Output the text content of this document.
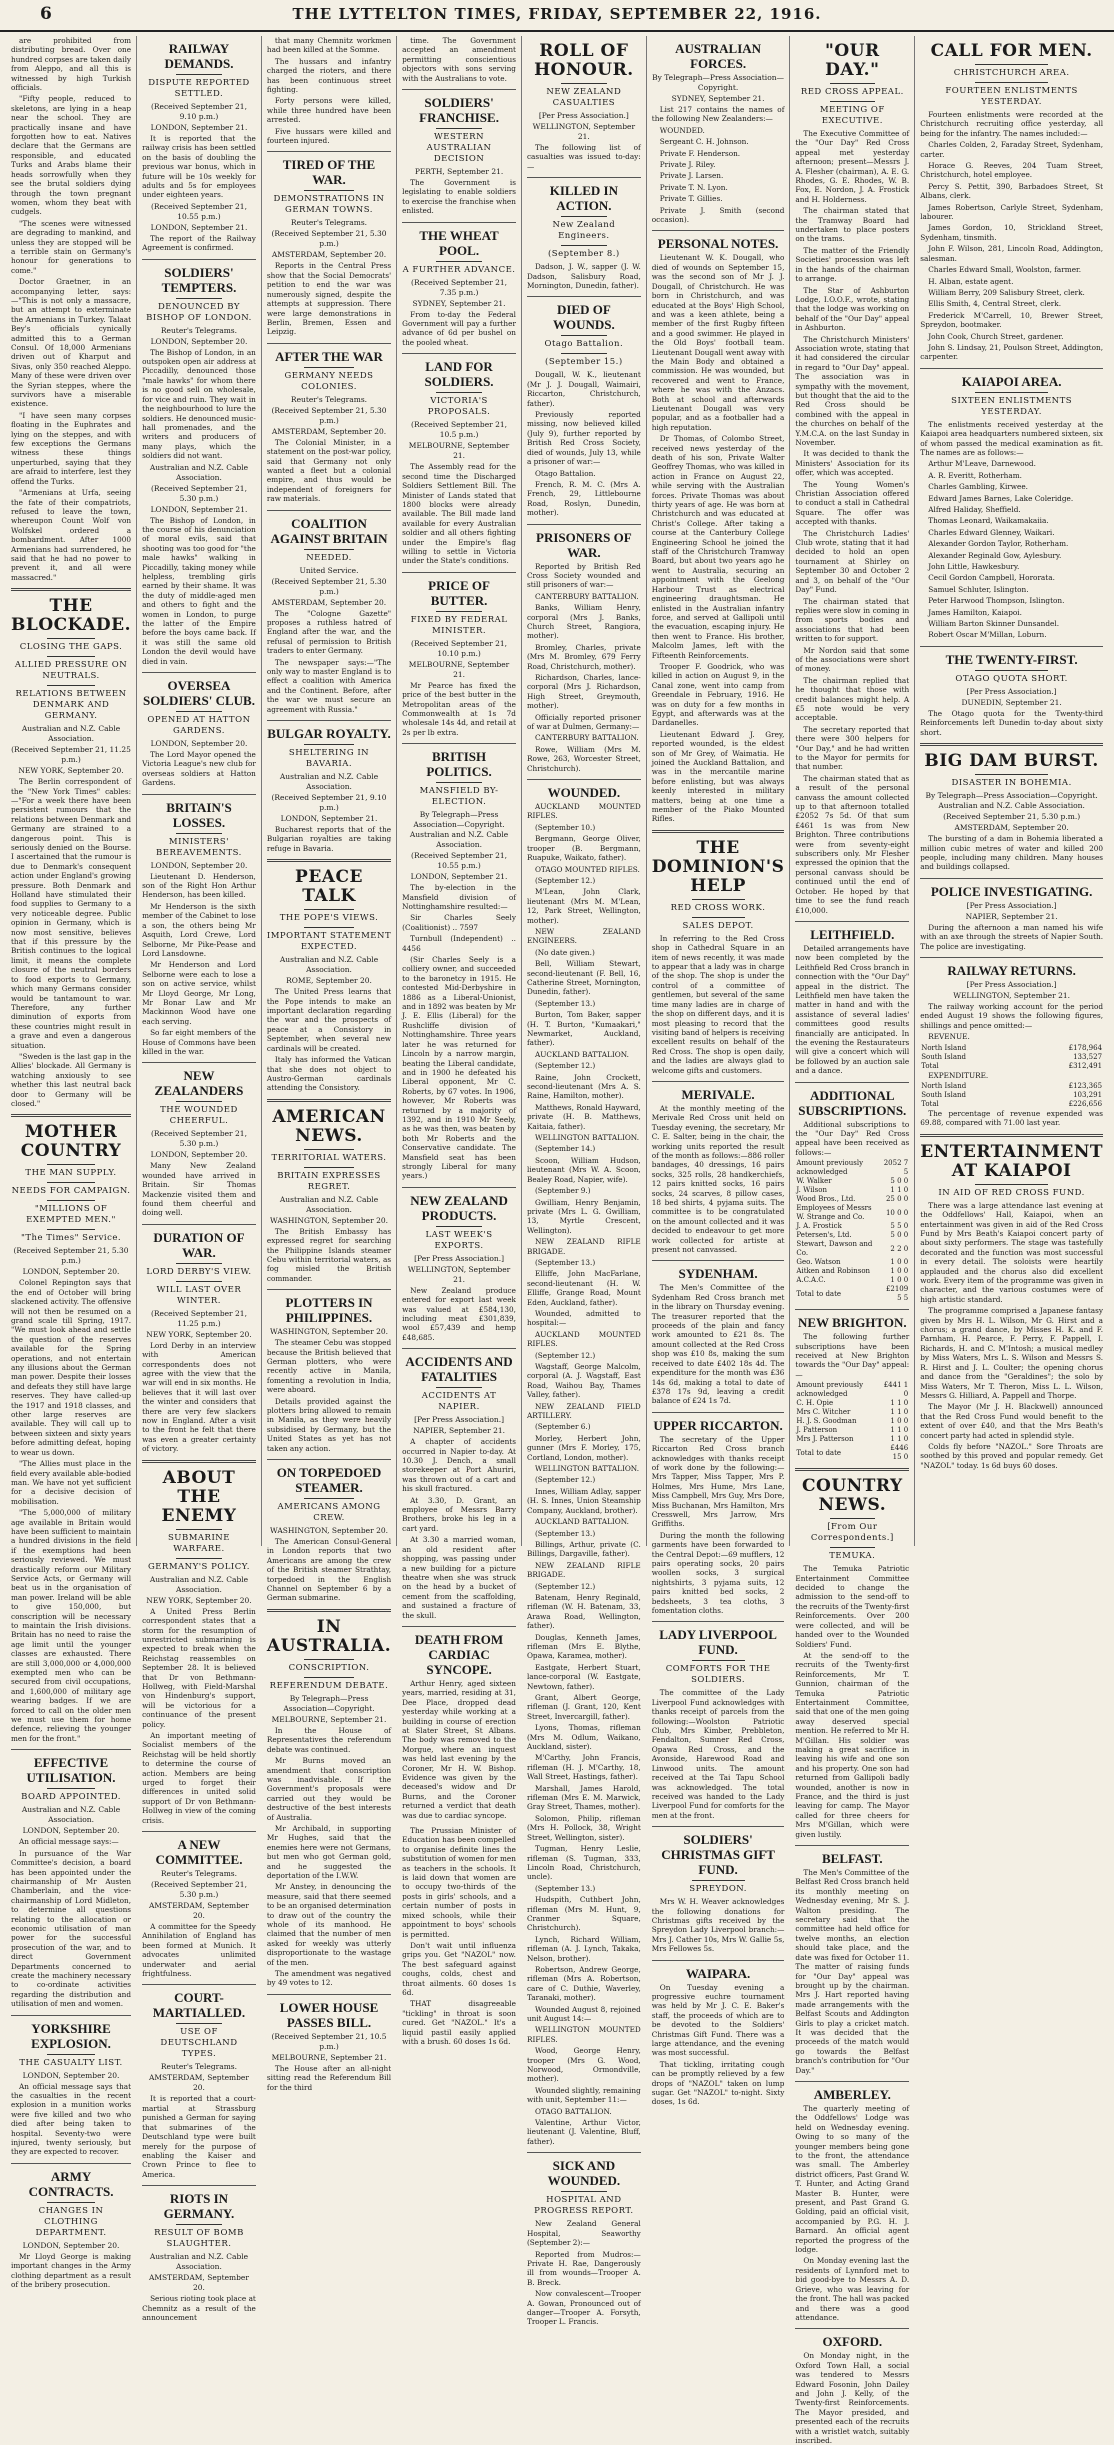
6	THE LYTTELTON TIMES, FRIDAY, SEPTEMBER 22, 1916.

are prohibited from distributing bread. Over one hundred corpses are taken daily from Aleppo, and all this is witnessed by high Turkish officials.

"Fifty people, reduced to skeletons, are lying in a heap near the school. They are practically insane and have forgotten how to eat. Natives declare that the Germans are responsible, and educated Turks and Arabs blame their heads sorrowfully when they see the brutal soldiers dying through the town pregnant women, whom they beat with cudgels.

"The scenes were witnessed are degrading to mankind, and unless they are stopped will be a terrible stain on Germany's honour for generations to come."

Doctor Graetner, in an accompanying letter, says:—"This is not only a massacre, but an attempt to exterminate the Armenians in Turkey. Talaat Bey's officials cynically admitted this to a German Consul. Of 18,000 Armenians driven out of Kharput and Sivas, only 350 reached Aleppo. Many of these were driven over the Syrian steppes, where the survivors have a miserable existence.

"I have seen many corpses floating in the Euphrates and lying on the steppes, and with few exceptions the Germans witness these things unperturbed, saying that they are afraid to interfere, lest they offend the Turks.

"Armenians at Urfa, seeing the fate of their compatriots, refused to leave the town, whereupon Count Wolf von Wolfskel ordered a bombardment. After 1000 Armenians had surrendered, he said that he had no power to prevent it, and all were massacred."

THE BLOCKADE.
CLOSING THE GAPS.
ALLIED PRESSURE ON NEUTRALS.
RELATIONS BETWEEN DENMARK AND GERMANY.
Australian and N.Z. Cable Association.
(Received September 21, 11.25 p.m.)
NEW YORK, September 20.

The Berlin correspondent of the "New York Times" cables:—"For a week there have been persistent rumours that the relations between Denmark and Germany are strained to a dangerous point. This is seriously denied on the Bourse. I ascertained that the rumour is due to Denmark's consequent action under England's growing pressure. Both Denmark and Holland have stimulated their food supplies to Germany to a very noticeable degree. Public opinion in Germany, which is now most sensitive, believes that if this pressure by the British continues to the logical limit, it means the complete closure of the neutral borders to food exports to Germany, which many Germans consider would be tantamount to war. Therefore, any further diminution of exports from these countries might result in a grave and even a dangerous situation.

"Sweden is the last gap in the Allies' blockade. All Germany is watching anxiously to see whether this last neutral back door to Germany will be closed."

MOTHER COUNTRY
THE MAN SUPPLY.
NEEDS FOR CAMPAIGN.
"MILLIONS OF EXEMPTED MEN."
"The Times" Service.
(Received September 21, 5.30 p.m.)
LONDON, September 20.

Colonel Repington says that the end of October will bring slackened activity. The offensive will not then be resumed on a grand scale till Spring, 1917. "We must look ahead and settle the question of the reserves available for the Spring operations, and not entertain any illusions about the German man power. Despite their losses and defeats they still have large reserves. They have called-up the 1917 and 1918 classes, and other large reserves are available. They will call up to between sixteen and sixty years before admitting defeat, hoping to wear us down.

"The Allies must place in the field every available able-bodied man. We have not yet sufficient for a decisive decision of mobilisation.

"The 5,000,000 of military age available in Britain would have been sufficient to maintain a hundred divisions in the field if the exemptions had been seriously reviewed. We must drastically reform our Military Service Acts, or Germany will beat us in the organisation of man power. Ireland will be able to give 150,000, but conscription will be necessary to maintain the Irish divisions. Britain has no need to raise the age limit until the younger classes are exhausted. There are still 3,000,000 or 4,000,000 exempted men who can be secured from civil occupations, and 1,600,000 of military age wearing badges. If we are forced to call on the older men we must use them for home defence, relieving the younger men for the front."

EFFECTIVE UTILISATION.
BOARD APPOINTED.
Australian and N.Z. Cable Association.
LONDON, September 20.

An official message says:—

In pursuance of the War Committee's decision, a board has been appointed under the chairmanship of Mr Austen Chamberlain, and the vice-chairmanship of Lord Midleton, to determine all questions relating to the allocation or economic utilisation of man power for the successful prosecution of the war, and to direct Government Departments concerned to create the machinery necessary to co-ordinate activities regarding the distribution and utilisation of men and women.

YORKSHIRE EXPLOSION.
THE CASUALTY LIST.
LONDON, September 20.

An official message says that the casualties in the recent explosion in a munition works were five killed and two who died after being taken to hospital. Seventy-two were injured, twenty seriously, but they are expected to recover.

ARMY CONTRACTS.
CHANGES IN CLOTHING DEPARTMENT.
LONDON, September 20.

Mr Lloyd George is making important changes in the Army clothing department as a result of the bribery prosecution.

RAILWAY DEMANDS.
DISPUTE REPORTED SETTLED.
(Received September 21, 9.10 p.m.)
LONDON, September 21.

It is reported that the railway crisis has been settled on the basis of doubling the previous war bonus, which in future will be 10s weekly for adults and 5s for employees under eighteen years.

(Received September 21, 10.55 p.m.)
LONDON, September 21.

The report of the Railway Agreement is confirmed.

SOLDIERS' TEMPTERS.
DENOUNCED BY BISHOP OF LONDON.
Reuter's Telegrams.
LONDON, September 20.

The Bishop of London, in an outspoken open air address at Piccadilly, denounced those "male hawks" for whom there is no good sell on wholesale, for vice and ruin. They wait in the neighbourhood to lure the soldiers. He denounced music-hall promenades, and the writers and producers of many plays, which the soldiers did not want.

Australian and N.Z. Cable Association.
(Received September 21, 5.30 p.m.)
LONDON, September 21.

The Bishop of London, in the course of his denunciation of moral evils, said that shooting was too good for "the male hawks" walking in Piccadilly, taking money while helpless, trembling girls earned by their shame. It was the duty of middle-aged men and others to fight and the women in London, to purge the latter of the Empire before the boys came back. If it was still the same old London the devil would have died in vain.

OVERSEA SOLDIERS' CLUB.
OPENED AT HATTON GARDENS.
LONDON, September 20.

The Lord Mayor opened the Victoria League's new club for overseas soldiers at Hatton Gardens.

BRITAIN'S LOSSES.
MINISTERS' BEREAVEMENTS.
LONDON, September 20.

Lieutenant D. Henderson, son of the Right Hon Arthur Henderson, has been killed.

Mr Henderson is the sixth member of the Cabinet to lose a son, the others being Mr Asquith, Lord Crewe, Lord Selborne, Mr Pike-Pease and Lord Lansdowne.

Mr Henderson and Lord Selborne were each to lose a son on active service, whilst Mr Lloyd George, Mr Long, Mr Bonar Law and Mr Mackinnon Wood have one each serving.

So far eight members of the House of Commons have been killed in the war.

NEW ZEALANDERS
THE WOUNDED CHEERFUL.
(Received September 21, 5.30 p.m.)
LONDON, September 20.

Many New Zealand wounded have arrived in Britain. Sir Thomas Mackenzie visited them and found them cheerful and doing well.

DURATION OF WAR.
LORD DERBY'S VIEW.
WILL LAST OVER WINTER.
(Received September 21, 11.25 p.m.)
NEW YORK, September 20.

Lord Derby in an interview with American correspondents does not agree with the view that the war will end in six months. He believes that it will last over the winter and considers that there are very few slackers now in England. After a visit to the front he felt that there was even a greater certainty of victory.

ABOUT THE ENEMY
SUBMARINE WARFARE.
GERMANY'S POLICY.
Australian and N.Z. Cable Association.
NEW YORK, September 20.

A United Press Berlin correspondent states that a storm for the resumption of unrestricted submarining is expected to break when the Reichstag reassembles on September 28. It is believed that Dr von Bethmann-Hollweg, with Field-Marshal von Hindenburg's support, will be victorious for a continuance of the present policy.

An important meeting of Socialist members of the Reichstag will be held shortly to determine the course of action. Members are being urged to forget their differences in united solid support of Dr von Bethmann-Hollweg in view of the coming crisis.

A NEW COMMITTEE.
Reuter's Telegrams.
(Received September 21, 5.30 p.m.)
AMSTERDAM, September 20.

A committee for the Speedy Annihilation of England has been formed at Munich. It advocates unlimited underwater and aerial frightfulness.

COURT-MARTIALLED.
USE OF DEUTSCHLAND TYPES.
Reuter's Telegrams.
AMSTERDAM, September 20.

It is reported that a court-martial at Strassburg punished a German for saying that submarines of the Deutschland type were built merely for the purpose of enabling the Kaiser and Crown Prince to flee to America.

RIOTS IN GERMANY.
RESULT OF BOMB SLAUGHTER.
Australian and N.Z. Cable Association.
AMSTERDAM, September 20.

Serious rioting took place at Chemnitz as a result of the announcement

that many Chemnitz workmen had been killed at the Somme.

The hussars and infantry charged the rioters, and there has been continuous street fighting.

Forty persons were killed, while three hundred have been arrested.

Five hussars were killed and fourteen injured.

TIRED OF THE WAR.
DEMONSTRATIONS IN GERMAN TOWNS.
Reuter's Telegrams.
(Received September 21, 5.30 p.m.)
AMSTERDAM, September 20.

Reports in the Central Press show that the Social Democrats' petition to end the war was numerously signed, despite the attempts at suppression. There were large demonstrations in Berlin, Bremen, Essen and Leipzig.

AFTER THE WAR
GERMANY NEEDS COLONIES.
Reuter's Telegrams.
(Received September 21, 5.30 p.m.)
AMSTERDAM, September 20.

The Colonial Minister, in a statement on the post-war policy, said that Germany not only wanted a fleet but a colonial empire, and thus would be independent of foreigners for raw materials.

COALITION AGAINST BRITAIN
NEEDED.
United Service.
(Received September 21, 5.30 p.m.)
AMSTERDAM, September 20.

The "Cologne Gazette" proposes a ruthless hatred of England after the war, and the refusal of permission to British traders to enter Germany.

The newspaper says:—"The only way to master England is to effect a coalition with America and the Continent. Before, after the war we must secure an agreement with Russia."

BULGAR ROYALTY.
SHELTERING IN BAVARIA.
Australian and N.Z. Cable Association.
(Received September 21, 9.10 p.m.)
LONDON, September 21.

Bucharest reports that of the Bulgarian royalties are taking refuge in Bavaria.

PEACE TALK
THE POPE'S VIEWS.
IMPORTANT STATEMENT EXPECTED.
Australian and N.Z. Cable Association.
ROME, September 20.

The United Press learns that the Pope intends to make an important declaration regarding the war and the prospects of peace at a Consistory in September, when several new cardinals will be created.

Italy has informed the Vatican that she does not object to Austro-German cardinals attending the Consistory.

AMERICAN NEWS.
TERRITORIAL WATERS.
BRITAIN EXPRESSES REGRET.
Australian and N.Z. Cable Association.
WASHINGTON, September 20.

The British Embassy has expressed regret for searching the Philippine Islands steamer Cebu within territorial waters, as fog misled the British commander.

PLOTTERS IN PHILIPPINES.
WASHINGTON, September 20.

The steamer Cebu was stopped because the British believed that German plotters, who were recently active in Manila, fomenting a revolution in India, were aboard.

Details provided against the plotters bring allowed to remain in Manila, as they were heavily subsidised by Germany, but the United States as yet has not taken any action.

ON TORPEDOED STEAMER.
AMERICANS AMONG CREW.
WASHINGTON, September 20.

The American Consul-General in London reports that two Americans are among the crew of the British steamer Strathtay, torpedoed in the English Channel on September 6 by a German submarine.

IN AUSTRALIA.
CONSCRIPTION.
REFERENDUM DEBATE.
By Telegraph—Press Association—Copyright.
MELBOURNE, September 21.

In the House of Representatives the referendum debate was continued.

Mr Burns moved an amendment that conscription was inadvisable. If the Government's proposals were carried out they would be destructive of the best interests of Australia.

Mr Archibald, in supporting Mr Hughes, said that the enemies here were not Germans, but men who got German gold, and he suggested the deportation of the I.W.W.

Mr Anstey, in denouncing the measure, said that there seemed to be an organised determination to draw out of the country the whole of its manhood. He claimed that the number of men asked for weekly was utterly disproportionate to the wastage of the men.

The amendment was negatived by 49 votes to 12.

LOWER HOUSE PASSES BILL.
(Received September 21, 10.5 p.m.)
MELBOURNE, September 21.

The House after an all-night sitting read the Referendum Bill for the third

time. The Government accepted an amendment permitting conscientious objectors with sons serving with the Australians to vote.

SOLDIERS' FRANCHISE.
WESTERN AUSTRALIAN DECISION
PERTH, September 21.

The Government is legislating to enable soldiers to exercise the franchise when enlisted.

THE WHEAT POOL.
A FURTHER ADVANCE.
(Received September 21, 7.35 p.m.)
SYDNEY, September 21.

From to-day the Federal Government will pay a further advance of 6d per bushel on the pooled wheat.

LAND FOR SOLDIERS.
VICTORIA'S PROPOSALS.
(Received September 21, 10.5 p.m.)
MELBOURNE, September 21.

The Assembly read for the second time the Discharged Soldiers Settlement Bill. The Minister of Lands stated that 1800 blocks were already available. The Bill made land available for every Australian soldier and all others fighting under the Empire's flag willing to settle in Victoria under the State's conditions.

PRICE OF BUTTER.
FIXED BY FEDERAL MINISTER.
(Received September 21, 10.10 p.m.)
MELBOURNE, September 21.

Mr Pearce has fixed the price of the best butter in the Metropolitan areas of the Commonwealth at 1s 7d wholesale 14s 4d, and retail at 2s per lb extra.

BRITISH POLITICS.
MANSFIELD BY-ELECTION.
By Telegraph—Press Association—Copyright. Australian and N.Z. Cable Association.
(Received September 21, 10.55 p.m.)
LONDON, September 21.

The by-election in the Mansfield division of Nottinghamshire resulted:—

Sir Charles Seely (Coalitionist) .. 7597

Turnbull (Independent) .. 4456

(Sir Charles Seely is a colliery owner, and succeeded to the baronetcy in 1915. He contested Mid-Derbyshire in 1886 as a Liberal-Unionist, and in 1892 was beaten by Mr J. E. Ellis (Liberal) for the Rushcliffe division of Nottinghamshire. Three years later he was returned for Lincoln by a narrow margin, beating the Liberal candidate, and in 1900 he defeated his Liberal opponent, Mr C. Roberts, by 67 votes. In 1906, however, Mr Roberts was returned by a majority of 1392, and in 1910 Mr Seely, as he was then, was beaten by both Mr Roberts and the Conservative candidate. The Mansfield seat has been strongly Liberal for many years.)

NEW ZEALAND PRODUCTS.
LAST WEEK'S EXPORTS.
[Per Press Association.]
WELLINGTON, September 21.

New Zealand produce entered for export last week was valued at £584,130, including meat £301,839, wool £57,439 and hemp £48,685.

ACCIDENTS AND FATALITIES
ACCIDENTS AT NAPIER.
[Per Press Association.]
NAPIER, September 21.

A chapter of accidents occurred in Napier to-day. At 10.30 J. Dench, a small storekeeper at Port Ahuriri, was thrown out of a cart and his skull fractured.

At 3.30, D. Grant, an employee of Messrs Barry Brothers, broke his leg in a cart yard.

At 3.30 a married woman, an old resident after shopping, was passing under a new building for a picture theatre when she was struck on the head by a bucket of cement from the scaffolding, and sustained a fracture of the skull.

DEATH FROM CARDIAC SYNCOPE.

Arthur Henry, aged sixteen years, married, residing at 31, Dee Place, dropped dead yesterday while working at a building in course of erection at Slater Street, St Albans. The body was removed to the Morgue, where an inquest was held last evening by the Coroner, Mr H. W. Bishop. Evidence was given by the deceased's widow and Dr Burns, and the Coroner returned a verdict that death was due to cardiac syncope.

The Prussian Minister of Education has been compelled to organise definite lines the substitution of women for men as teachers in the schools. It is laid down that women are to occupy two-thirds of the posts in girls' schools, and a certain number of posts in mixed schools, while their appointment to boys' schools is permitted.

Don't wait until influenza grips you. Get "NAZOL" now. The best safeguard against coughs, colds, chest and throat ailments. 60 doses 1s 6d.

THAT disagreeable "tickling" in throat is soon cured. Get "NAZOL." It's a liquid pastil easily applied with a brush. 60 doses 1s 6d.

ROLL OF HONOUR.
NEW ZEALAND CASUALTIES
[Per Press Association.]
WELLINGTON, September 21.

The following list of casualties was issued to-day:—

KILLED IN ACTION.
New Zealand Engineers.
(September 8.)

Dadson, J. W., sapper (J. W. Dadson, Salisbury Road, Mornington, Dunedin, father).

DIED OF WOUNDS.
Otago Battalion.
(September 15.)

Dougall, W. K., lieutenant (Mr J. J. Dougall, Waimairi, Riccarton, Christchurch, father).

Previously reported missing, now believed killed (July 9), further reported by British Red Cross Society, died of wounds, July 13, while a prisoner of war:—

Otago Battalion.

French, R. M. C. (Mrs A. French, 29, Littlebourne Road, Roslyn, Dunedin, mother).

PRISONERS OF WAR.

Reported by British Red Cross Society wounded and still prisoners of war:—

CANTERBURY BATTALION.

Banks, William Henry, corporal (Mrs J. Banks, Church Street, Rangiora, mother).

Bromley, Charles, private (Mrs M. Bromley, 679 Ferry Road, Christchurch, mother).

Richardson, Charles, lance-corporal (Mrs J. Richardson, High Street, Greymouth, mother).

Officially reported prisoner of war at Dulmen, Germany:—

CANTERBURY BATTALION.

Rowe, William (Mrs M. Rowe, 263, Worcester Street, Christchurch).

WOUNDED.

AUCKLAND MOUNTED RIFLES.

(September 10.)

Bergmann, George Oliver, trooper (B. Bergmann, Ruapuke, Waikato, father).

OTAGO MOUNTED RIFLES.

(September 12.)

M'Lean, John Clark, lieutenant (Mrs M. M'Lean, 12, Park Street, Wellington, mother).

NEW ZEALAND ENGINEERS.

(No date given.)

Bell, William Stewart, second-lieutenant (F. Bell, 16, Catherine Street, Mornington, Dunedin, father).

(September 13.)

Burton, Tom Baker, sapper (H. T. Burton, "Kumaakari," Newmarket, Auckland, father).

AUCKLAND BATTALION.

(September 12.)

Raine, John Crockett, second-lieutenant (Mrs A. S. Raine, Hamilton, mother).

Matthews, Ronald Hayward, private (H. B. Matthews, Kaitaia, father).

WELLINGTON BATTALION.

(September 14.)

Scoon, William Hudson, lieutenant (Mrs W. A. Scoon, Bealey Road, Napier, wife).

(September 9.)

Gwilliam, Henry Benjamin, private (Mrs L. G. Gwilliam, 13, Myrtle Crescent, Wellington).

NEW ZEALAND RIFLE BRIGADE.

(September 13.)

Elliffe, John MacFarlane, second-lieutenant (H. W. Elliffe, Grange Road, Mount Eden, Auckland, father).

Wounded, admitted to hospital:—

AUCKLAND MOUNTED RIFLES.

(September 12.)

Wagstaff, George Malcolm, corporal (A. J. Wagstaff, East Road, Waihou Bay, Thames Valley, father).

NEW ZEALAND FIELD ARTILLERY.

(September 6.)

Morley, Herbert John, gunner (Mrs F. Morley, 175, Cortland, London, mother).

WELLINGTON BATTALION.

(September 12.)

Innes, William Adlay, sapper (H. S. Innes, Union Steamship Company, Auckland, brother).

AUCKLAND BATTALION.

(September 13.)

Billings, Arthur, private (C. Billings, Dargaville, father).

NEW ZEALAND RIFLE BRIGADE.

(September 12.)

Batenam, Henry Reginald, rifleman (W. H. Batenam, 33, Arawa Road, Wellington, father).

Douglas, Kenneth James, rifleman (Mrs E. Blythe, Opawa, Karamea, mother).

Eastgate, Herbert Stuart, lance-corporal (W. Eastgate, Newtown, father).

Grant, Albert George, rifleman (J. Grant, 120, Kent Street, Invercargill, father).

Lyons, Thomas, rifleman (Mrs M. Odlum, Waikano, Auckland, sister).

M'Carthy, John Francis, rifleman (H. J. M'Carthy, 18, Wall Street, Hastings, father).

Marshall, James Harold, rifleman (Mrs E. M. Marwick, Gray Street, Thames, mother).

Solomon, Philip, rifleman (Mrs H. Pollock, 38, Wright Street, Wellington, sister).

Tugman, Henry Leslie, rifleman (S. Tugman, 333, Lincoln Road, Christchurch, uncle).

(September 13.)

Hudspith, Cuthbert John, rifleman (Mrs M. Hunt, 9, Cranmer Square, Christchurch).

Lynch, Richard William, rifleman (A. J. Lynch, Takaka, Nelson, brother).

Robertson, Andrew George, rifleman (Mrs A. Robertson, care of C. Duthie, Waverley, Taranaki, mother).

Wounded August 8, rejoined unit August 14:—

WELLINGTON MOUNTED RIFLES.

Wood, George Henry, trooper (Mrs G. Wood, Norwood, Ormondville, mother).

Wounded slightly, remaining with unit, September 11:—

OTAGO BATTALION.

Valentine, Arthur Victor, lieutenant (J. Valentine, Bluff, father).

SICK AND WOUNDED.
HOSPITAL AND PROGRESS REPORT.

New Zealand General Hospital, Seaworthy (September 2):—

Reported from Mudros:—Private H. Rae, Dangerously ill from wounds—Trooper A. B. Breck.

Now convalescent—Trooper A. Gowan, Pronounced out of danger—Trooper A. Forsyth, Trooper L. Francis.

AUSTRALIAN FORCES.
By Telegraph—Press Association—Copyright.
SYDNEY, September 21.

List 217 contains the names of the following New Zealanders:—

WOUNDED.

Sergeant C. H. Johnson.

Private F. Henderson.

Private J. Riley.

Private J. Larsen.

Private T. N. Lyon.

Private T. Gillies.

Private J. Smith (second occasion).

PERSONAL NOTES.

Lieutenant W. K. Dougall, who died of wounds on September 15, was the second son of Mr J. J. Dougall, of Christchurch. He was born in Christchurch, and was educated at the Boys' High School, and was a keen athlete, being a member of the first Rugby fifteen and a good swimmer. He played in the Old Boys' football team. Lieutenant Dougall went away with the Main Body and obtained a commission. He was wounded, but recovered and went to France, where he was with the Anzacs. Both at school and afterwards Lieutenant Dougall was very popular, and as a footballer had a high reputation.

Dr Thomas, of Colombo Street, received news yesterday of the death of his son, Private Walter Geoffrey Thomas, who was killed in action in France on August 22, while serving with the Australian forces. Private Thomas was about thirty years of age. He was born at Christchurch and was educated at Christ's College. After taking a course at the Canterbury College Engineering School he joined the staff of the Christchurch Tramway Board, but about two years ago he went to Australia, securing an appointment with the Geelong Harbour Trust as electrical engineering draughtsman. He enlisted in the Australian infantry force, and served at Gallipoli until the evacuation, escaping injury. He then went to France. His brother, Malcolm James, left with the Fifteenth Reinforcements.

Trooper F. Goodrick, who was killed in action on August 9, in the Canal zone, went into camp from Greendale in February, 1916. He was on duty for a few months in Egypt, and afterwards was at the Dardanelles.

Lieutenant Edward J. Grey, reported wounded, is the eldest son of Mr Grey, of Waimatia. He joined the Auckland Battalion, and was in the mercantile marine before enlisting, but was always keenly interested in military matters, being at one time a member of the Piako Mounted Rifles.

THE DOMINION'S HELP
RED CROSS WORK.
SALES DEPOT.

In referring to the Red Cross shop in Cathedral Square in an item of news recently, it was made to appear that a lady was in charge of the shop. The shop is under the control of a committee of gentlemen, but several of the same time many ladies are in charge of the shop on different days, and it is most pleasing to record that the visiting band of helpers is receiving excellent results on behalf of the Red Cross. The shop is open daily, and the ladies are always glad to welcome gifts and customers.

MERIVALE.

At the monthly meeting of the Merivale Red Cross unit held on Tuesday evening, the secretary, Mr C. E. Salter, being in the chair, the working units reported the result of the month as follows:—886 roller bandages, 40 dressings, 16 pairs socks, 325 rolls, 28 handkerchiefs, 12 pairs knitted socks, 16 pairs socks, 24 scarves, 8 pillow cases, 18 bed shirts, 4 pyjama suits. The committee is to be congratulated on the amount collected and it was decided to endeavour to get more work collected for artiste at present not canvassed.

SYDENHAM.

The Men's Committee of the Sydenham Red Cross branch met in the library on Thursday evening. The treasurer reported that the proceeds of the plain and fancy work amounted to £21 8s. The amount collected at the Red Cross shop was £10 8s, making the sum received to date £402 18s 4d. The expenditure for the month was £36 14s 6d, making a total to date of £378 17s 9d, leaving a credit balance of £24 1s 7d.

UPPER RICCARTON.

The secretary of the Upper Riccarton Red Cross branch acknowledges with thanks receipt of work done by the following:—Mrs Tapper, Miss Tapper, Mrs P. Holmes, Mrs Hume, Mrs Lane, Miss Campbell, Mrs Guy, Mrs Dore, Miss Buchanan, Mrs Hamilton, Mrs Cresswell, Mrs Jarrow, Mrs Griffiths.

During the month the following garments have been forwarded to the Central Depot:—69 mufflers, 12 pairs operating socks, 20 pairs woollen socks, 3 surgical nightshirts, 3 pyjama suits, 12 pairs knitted bed socks, 2 bedsheets, 3 tea cloths, 3 fomentation cloths.

LADY LIVERPOOL FUND.
COMFORTS FOR THE SOLDIERS.

The committee of the Lady Liverpool Fund acknowledges with thanks receipt of parcels from the following:—Woolston Patriotic Club, Mrs Kimber, Prebbleton, Fendalton, Sumner Red Cross, Opawa Red Cross, and the Avonside, Harewood Road and Linwood units. The amount received at the Tai Tapu School was acknowledged. The total received was handed to the Lady Liverpool Fund for comforts for the men at the front.

SOLDIERS' CHRISTMAS GIFT FUND.
SPREYDON.

Mrs W. H. Weaver acknowledges the following donations for Christmas gifts received by the Spreydon Lady Liverpool branch:—Mrs J. Cather 10s, Mrs W. Gallie 5s, Mrs Fellowes 5s.

WAIPARA.

On Tuesday evening a progressive euchre tournament was held by Mr J. C. E. Baker's staff, the proceeds of which are to be devoted to the Soldiers' Christmas Gift Fund. There was a large attendance, and the evening was most successful.

That tickling, irritating cough can be promptly relieved by a few drops of "NAZOL" taken on lump sugar. Get "NAZOL" to-night. Sixty doses, 1s 6d.

"OUR DAY."
RED CROSS APPEAL.
MEETING OF EXECUTIVE.

The Executive Committee of the "Our Day" Red Cross appeal met yesterday afternoon; present—Messrs J. A. Flesher (chairman), A. E. G. Rhodes, G. E. Rhodes, W. B. Fox, E. Nordon, J. A. Frostick and H. Holderness.

The chairman stated that the Tramway Board had undertaken to place posters on the trams.

The matter of the Friendly Societies' procession was left in the hands of the chairman to arrange.

The Star of Ashburton Lodge, I.O.O.F., wrote, stating that the lodge was working on behalf of the "Our Day" appeal in Ashburton.

The Christchurch Ministers' Association wrote, stating that it had considered the circular in regard to "Our Day" appeal. The association was in sympathy with the movement, but thought that the aid to the Red Cross should be combined with the appeal in the churches on behalf of the Y.M.C.A. on the last Sunday in November.

It was decided to thank the Ministers' Association for its offer, which was accepted.

The Young Women's Christian Association offered to conduct a stall in Cathedral Square. The offer was accepted with thanks.

The Christchurch Ladies' Club wrote, stating that it had decided to hold an open tournament at Shirley on September 30 and October 2 and 3, on behalf of the "Our Day" Fund.

The chairman stated that replies were slow in coming in from sports bodies and associations that had been written to for support.

Mr Nordon said that some of the associations were short of money.

The chairman replied that he thought that those with credit balances might help. A £5 note would be very acceptable.

The secretary reported that there were 300 helpers for "Our Day," and he had written to the Mayor for permits for that number.

The chairman stated that as a result of the personal canvass the amount collected up to that afternoon totalled £2052 7s 5d. Of that sum £461 1s was from New Brighton. Three contributions were from seventy-eight subscribers only. Mr Flesher expressed the opinion that the personal canvass should be continued until the end of October. He hoped by that time to see the fund reach £10,000.

LEITHFIELD.

Detailed arrangements have now been completed by the Leithfield Red Cross branch in connection with the "Our Day" appeal in the district. The Leithfield men have taken the matter in hand and with the assistance of several ladies' committees good results financially are anticipated. In the evening the Restaurateurs will give a concert which will be followed by an auction sale and a dance.

ADDITIONAL SUBSCRIPTIONS.

Additional subscriptions to the "Our Day" Red Cross appeal have been received as follows:—

Amount previously acknowledged	2052 7 5
W. Walker	5 0 0
J. Wilson	1 1 0
Wood Bros., Ltd.	25 0 0
Employees of Messrs W. Strange and Co.	10 0 0
J. A. Frostick	5 5 0
Petersen's, Ltd.	5 0 0
Stewart, Dawson and Co.	2 2 0
Geo. Watson	1 0 0
Aitken and Robinson	1 0 0
A.C.A.C.	1 0 0
Total to date	£2109 5 5
NEW BRIGHTON.

The following further subscriptions have been received at New Brighton towards the "Our Day" appeal:—

Amount previously acknowledged	£441 1 0
C. H. Opie	1 1 0
Mrs C. Witcher	1 1 0
H. J. S. Goodman	1 0 0
J. Patterson	1 1 0
Mrs J. Patterson	1 1 0
Total to date	£446 15 0
COUNTRY NEWS.
[From Our Correspondents.]
TEMUKA.

The Temuka Patriotic Entertainment Committee decided to change the admission to the send-off to the recruits of the Twenty-first Reinforcements. Over 200 were collected, and will be handed over to the Wounded Soldiers' Fund.

At the send-off to the recruits of the Twenty-first Reinforcements, Mr T. Gunnion, chairman of the Temuka Patriotic Entertainment Committee, said that one of the men going away deserved special mention. He referred to Mr H. M'Gillan. His soldier was making a great sacrifice in leaving his wife and one son and his property. One son had returned from Gallipoli badly wounded, another is now in France, and the third is just leaving for camp. The Mayor called for three cheers for Mrs M'Gillan, which were given lustily.

BELFAST.

The Men's Committee of the Belfast Red Cross branch held its monthly meeting on Wednesday evening, Mr S. J. Walton presiding. The secretary said that the committee had held office for twelve months, an election should take place, and the date was fixed for October 11. The matter of raising funds for "Our Day" appeal was brought up by the chairman. Mrs J. Hart reported having made arrangements with the Belfast Scouts and Addington Girls to play a cricket match. It was decided that the proceeds of the match would go towards the Belfast branch's contribution for "Our Day."

AMBERLEY.

The quarterly meeting of the Oddfellows' Lodge was held on Wednesday evening. Owing to so many of the younger members being gone to the front, the attendance was small. The Amberley district officers, Past Grand W. T. Hunter, and Acting Grand Master B. Hunter, were present, and Past Grand G. Golding, paid an official visit, accompanied by P.G. H. J. Barnard. An official agent reported the progress of the lodge.

On Monday evening last the residents of Lynnford met to bid good-bye to Messrs A. D. Grieve, who was leaving for the front. The hall was packed and there was a good attendance.

OXFORD.

On Monday night, in the Oxford Town Hall, a social was tendered to Messrs Edward Fosonin, John Dailey and John J. Kelly, of the Twenty-first Reinforcements. The Mayor presided, and presented each of the recruits with a wristlet watch, suitably inscribed.

CALL FOR MEN.
CHRISTCHURCH AREA.
FOURTEEN ENLISTMENTS YESTERDAY.

Fourteen enlistments were recorded at the Christchurch recruiting office yesterday, all being for the infantry. The names included:—

Charles Colden, 2, Faraday Street, Sydenham, carter.

Horace G. Reeves, 204 Tuam Street, Christchurch, hotel employee.

Percy S. Pettit, 390, Barbadoes Street, St Albans, clerk.

James Robertson, Carlyle Street, Sydenham, labourer.

James Gordon, 10, Strickland Street, Sydenham, tinsmith.

John F. Wilson, 281, Lincoln Road, Addington, salesman.

Charles Edward Small, Woolston, farmer.

H. Alban, estate agent.

William Berry, 209 Salisbury Street, clerk.

Ellis Smith, 4, Central Street, clerk.

Frederick M'Carrell, 10, Brewer Street, Spreydon, bootmaker.

John Cook, Church Street, gardener.

John S. Lindsay, 21, Poulson Street, Addington, carpenter.

KAIAPOI AREA.
SIXTEEN ENLISTMENTS YESTERDAY.

The enlistments received yesterday at the Kaiapoi area headquarters numbered sixteen, six of whom passed the medical examination as fit. The names are as follows:—

Arthur M'Leave, Darnewood.

A. R. Everitt, Rotherham.

Charles Gambling, Kirwee.

Edward James Barnes, Lake Coleridge.

Alfred Haliday, Sheffield.

Thomas Leonard, Waikamakaiia.

Charles Edward Glenney, Waikari.

Alexander Gordon Taylor, Rotherham.

Alexander Reginald Gow, Aylesbury.

John Little, Hawkesbury.

Cecil Gordon Campbell, Hororata.

Samuel Schluter, Islington.

Peter Harwood Thompson, Islington.

James Hamilton, Kaiapoi.

William Barton Skinner Dunsandel.

Robert Oscar M'Millan, Loburn.

THE TWENTY-FIRST.
OTAGO QUOTA SHORT.
[Per Press Association.]
DUNEDIN, September 21.

The Otago quota for the Twenty-third Reinforcements left Dunedin to-day about sixty short.

BIG DAM BURST.
DISASTER IN BOHEMIA.
By Telegraph—Press Association—Copyright. Australian and N.Z. Cable Association.
(Received September 21, 5.30 p.m.)
AMSTERDAM, September 20.

The bursting of a dam in Bohemia liberated a million cubic metres of water and killed 200 people, including many children. Many houses and buildings collapsed.

POLICE INVESTIGATING.
[Per Press Association.]
NAPIER, September 21.

During the afternoon a man named his wife with an axe through the streets of Napier South. The police are investigating.

RAILWAY RETURNS.
[Per Press Association.]
WELLINGTON, September 21.

The railway working account for the period ended August 19 shows the following figures, shillings and pence omitted:—

REVENUE.

North Island	£178,964
South Island	133,527
Total	£312,491

EXPENDITURE.

North Island	£123,365
South Island	103,291
Total	£226,656

The percentage of revenue expended was 69.88, compared with 71.00 last year.

ENTERTAINMENT AT KAIAPOI
IN AID OF RED CROSS FUND.

There was a large attendance last evening at the Oddfellows' Hall, Kaiapoi, when an entertainment was given in aid of the Red Cross Fund by Mrs Beath's Kaiapoi concert party of about sixty performers. The stage was tastefully decorated and the function was most successful in every detail. The soloists were heartily applauded and the chorus also did excellent work. Every item of the programme was given in character, and the various costumes were of high artistic standard.

The programme comprised a Japanese fantasy given by Mrs H. L. Wilson, Mr G. Hirst and a chorus; a grand dance, by Misses H. K. and F. Parnham, H. Pearce, F. Perry, F. Pappell, I. Richards, H. and C. M'Intosh; a musical medley by Miss Waters, Mrs L. S. Wilson and Messrs S. R. Hirst and J. L. Coulter; the opening chorus and dance from the "Geraldines"; the solo by Miss Waters, Mr T. Theron, Miss L. L. Wilson, Messrs G. Hilliard, A. Pappell and Thorpe.

The Mayor (Mr J. H. Blackwell) announced that the Red Cross Fund would benefit to the extent of over £40, and that the Mrs Beath's concert party had acted in splendid style.

Colds fly before "NAZOL." Sore Throats are soothed by this proved and popular remedy. Get "NAZOL" today. 1s 6d buys 60 doses.
